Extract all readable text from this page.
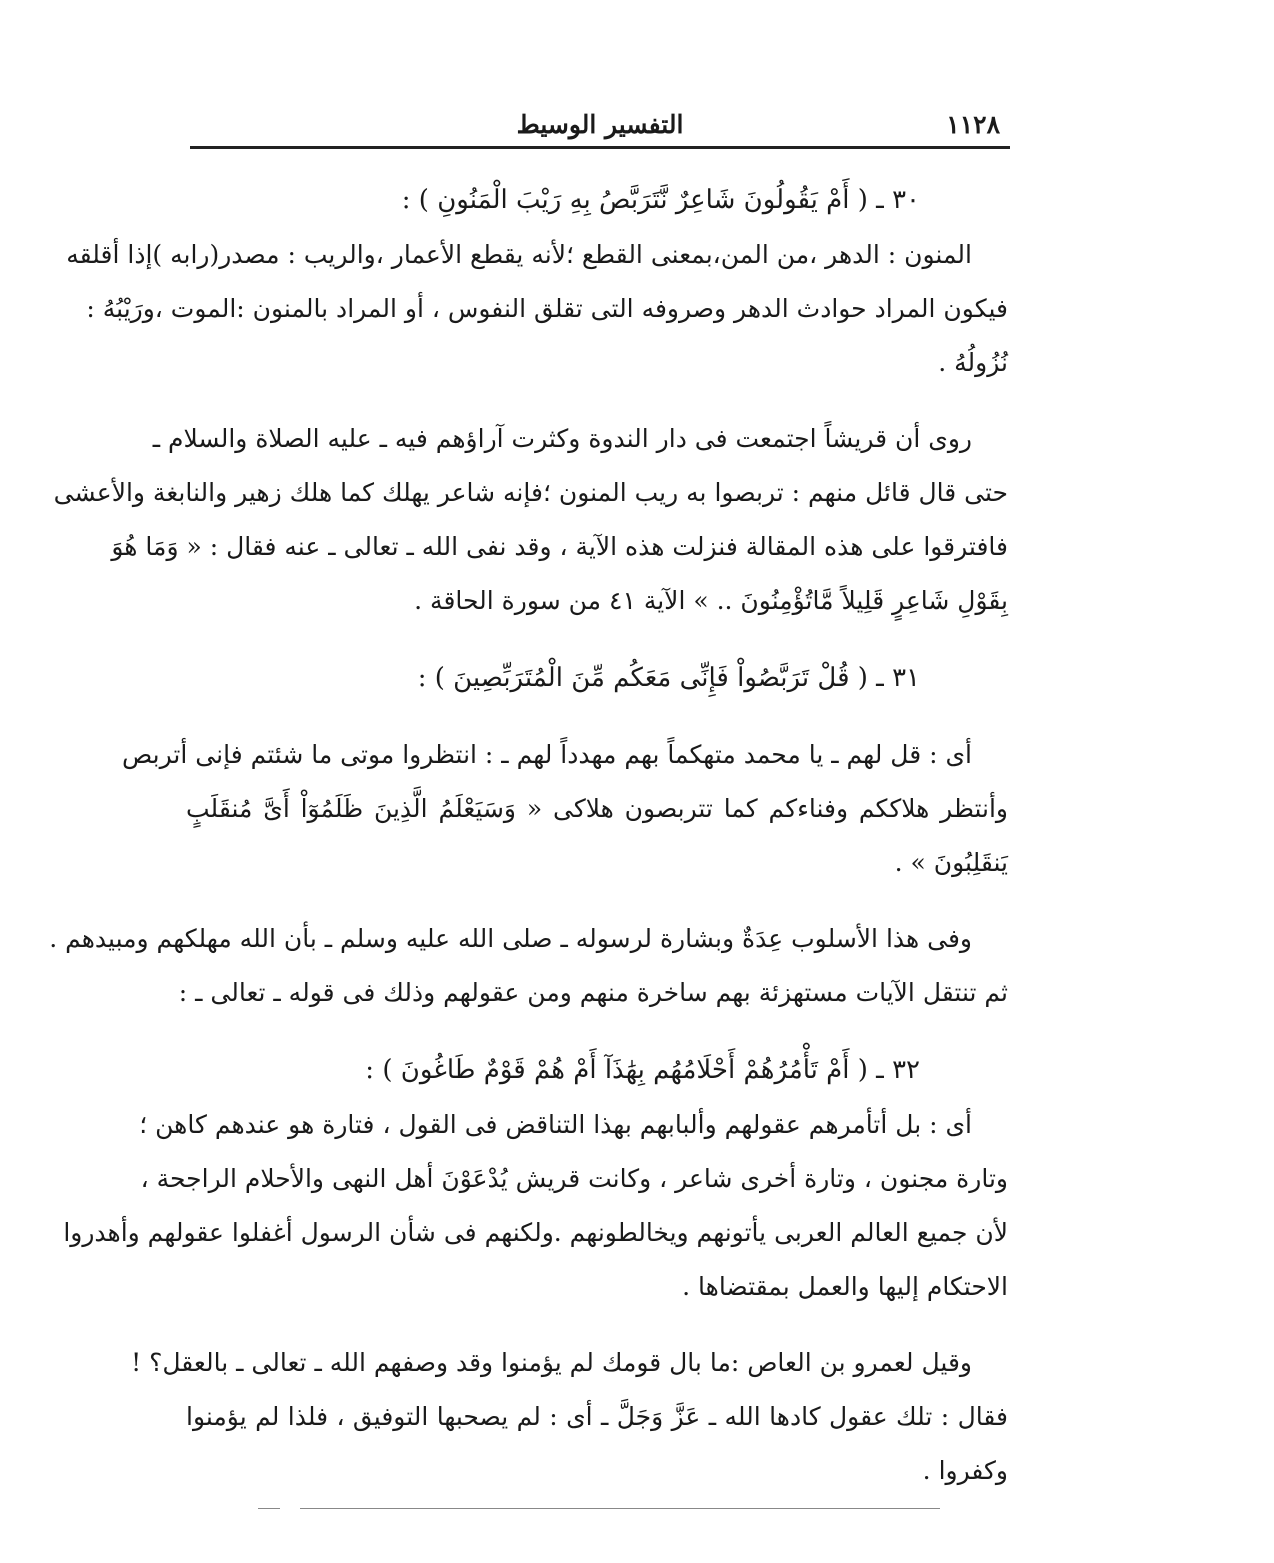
١١٢٨
التفسير الوسيط
٣٠ ـ ( أَمْ يَقُولُونَ شَاعِرٌ نَّتَرَبَّصُ بِهِ رَيْبَ الْمَنُونِ ) :
المنون : الدهر ،من المن،بمعنى القطع ؛لأنه يقطع الأعمار ،والريب : مصدر(رابه )إذا أقلقه
فيكون المراد حوادث الدهر وصروفه التى تقلق النفوس ، أو المراد بالمنون :الموت ،ورَيْبُهُ :
نُزُولُهُ .
روى أن قريشاً اجتمعت فى دار الندوة وكثرت آراؤهم فيه ـ عليه الصلاة والسلام ـ
حتى قال قائل منهم : تربصوا به ريب المنون ؛فإنه شاعر يهلك كما هلك زهير والنابغة والأعشى
فافترقوا على هذه المقالة فنزلت هذه الآية ، وقد نفى الله ـ تعالى ـ عنه فقال : « وَمَا هُوَ
بِقَوْلِ شَاعِرٍ قَلِيلاً مَّاتُؤْمِنُونَ .. » الآية ٤١ من سورة الحاقة .
٣١ ـ ( قُلْ تَرَبَّصُواْ فَإِنِّى مَعَكُم مِّنَ الْمُتَرَبِّصِينَ ) :
أى : قل لهم ـ يا محمد متهكماً بهم مهدداً لهم ـ : انتظروا موتى ما شئتم فإنى أتربص
وأنتظر هلاككم وفناءكم كما تتربصون هلاكى « وَسَيَعْلَمُ الَّذِينَ ظَلَمُوٓاْ أَىَّ مُنقَلَبٍ
يَنقَلِبُونَ » .
وفى هذا الأسلوب عِدَةٌ وبشارة لرسوله ـ صلى الله عليه وسلم ـ بأن الله مهلكهم ومبيدهم .
ثم تنتقل الآيات مستهزئة بهم ساخرة منهم ومن عقولهم وذلك فى قوله ـ تعالى ـ :
٣٢ ـ ( أَمْ تَأْمُرُهُمْ أَحْلَامُهُم بِهَٰذَآ أَمْ هُمْ قَوْمٌ طَاغُونَ ) :
أى : بل أتأمرهم عقولهم وألبابهم بهذا التناقض فى القول ، فتارة هو عندهم كاهن ؛
وتارة مجنون ، وتارة أخرى شاعر ، وكانت قريش يُدْعَوْنَ أهل النهى والأحلام الراجحة ،
لأن جميع العالم العربى يأتونهم ويخالطونهم .ولكنهم فى شأن الرسول أغفلوا عقولهم وأهدروا
الاحتكام إليها والعمل بمقتضاها .
وقيل لعمرو بن العاص :ما بال قومك لم يؤمنوا وقد وصفهم الله ـ تعالى ـ بالعقل؟ !
فقال : تلك عقول كادها الله ـ عَزَّ وَجَلَّ ـ أى : لم يصحبها التوفيق ، فلذا لم يؤمنوا
وكفروا .
